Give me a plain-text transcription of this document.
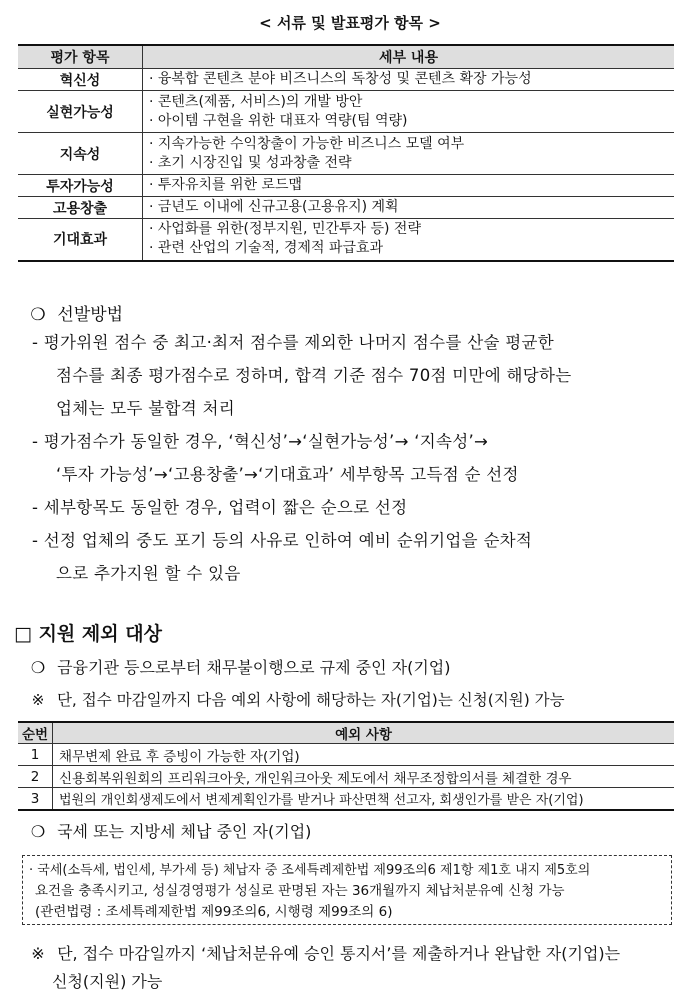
< 서류 및 발표평가 항목 >
평가 항목	세부 내용
혁신성	· 융복합 콘텐츠 분야 비즈니스의 독창성 및 콘텐츠 확장 가능성

실현가능성	· 콘텐츠(제품, 서비스)의 개발 방안
· 아이템 구현을 위한 대표자 역량(팀 역량)

지속성	· 지속가능한 수익창출이 가능한 비즈니스 모델 여부
· 초기 시장진입 및 성과창출 전략

투자가능성	· 투자유치를 위한 로드맵

고용창출	· 금년도 이내에 신규고용(고용유지) 계획

기대효과	· 사업화를 위한(정부지원, 민간투자 등) 전략
· 관련 산업의 기술적, 경제적 파급효과
❍ 선발방법
- 평가위원 점수 중 최고·최저 점수를 제외한 나머지 점수를 산술 평균한
점수를 최종 평가점수로 정하며, 합격 기준 점수 70점 미만에 해당하는
업체는 모두 불합격 처리
- 평가점수가 동일한 경우, ‘혁신성’→‘실현가능성’→ ‘지속성’→
‘투자 가능성’→‘고용창출’→‘기대효과’ 세부항목 고득점 순 선정
- 세부항목도 동일한 경우, 업력이 짧은 순으로 선정
- 선정 업체의 중도 포기 등의 사유로 인하여 예비 순위기업을 순차적
으로 추가지원 할 수 있음
□ 지원 제외 대상
❍ 금융기관 등으로부터 채무불이행으로 규제 중인 자(기업)
※ 단, 접수 마감일까지 다음 예외 사항에 해당하는 자(기업)는 신청(지원) 가능
순번	예외 사항
1	채무변제 완료 후 증빙이 가능한 자(기업)
2	신용회복위원회의 프리워크아웃, 개인워크아웃 제도에서 채무조정합의서를 체결한 경우
3	법원의 개인회생제도에서 변제계획인가를 받거나 파산면책 선고자, 회생인가를 받은 자(기업)
❍ 국세 또는 지방세 체납 중인 자(기업)
· 국세(소득세, 법인세, 부가세 등) 체납자 중 조세특례제한법 제99조의6 제1항 제1호 내지 제5호의
요건을 충족시키고, 성실경영평가 성실로 판명된 자는 36개월까지 체납처분유예 신청 가능
(관련법령 : 조세특례제한법 제99조의6, 시행령 제99조의 6)
※ 단, 접수 마감일까지 ‘체납처분유예 승인 통지서’를 제출하거나 완납한 자(기업)는
신청(지원) 가능
